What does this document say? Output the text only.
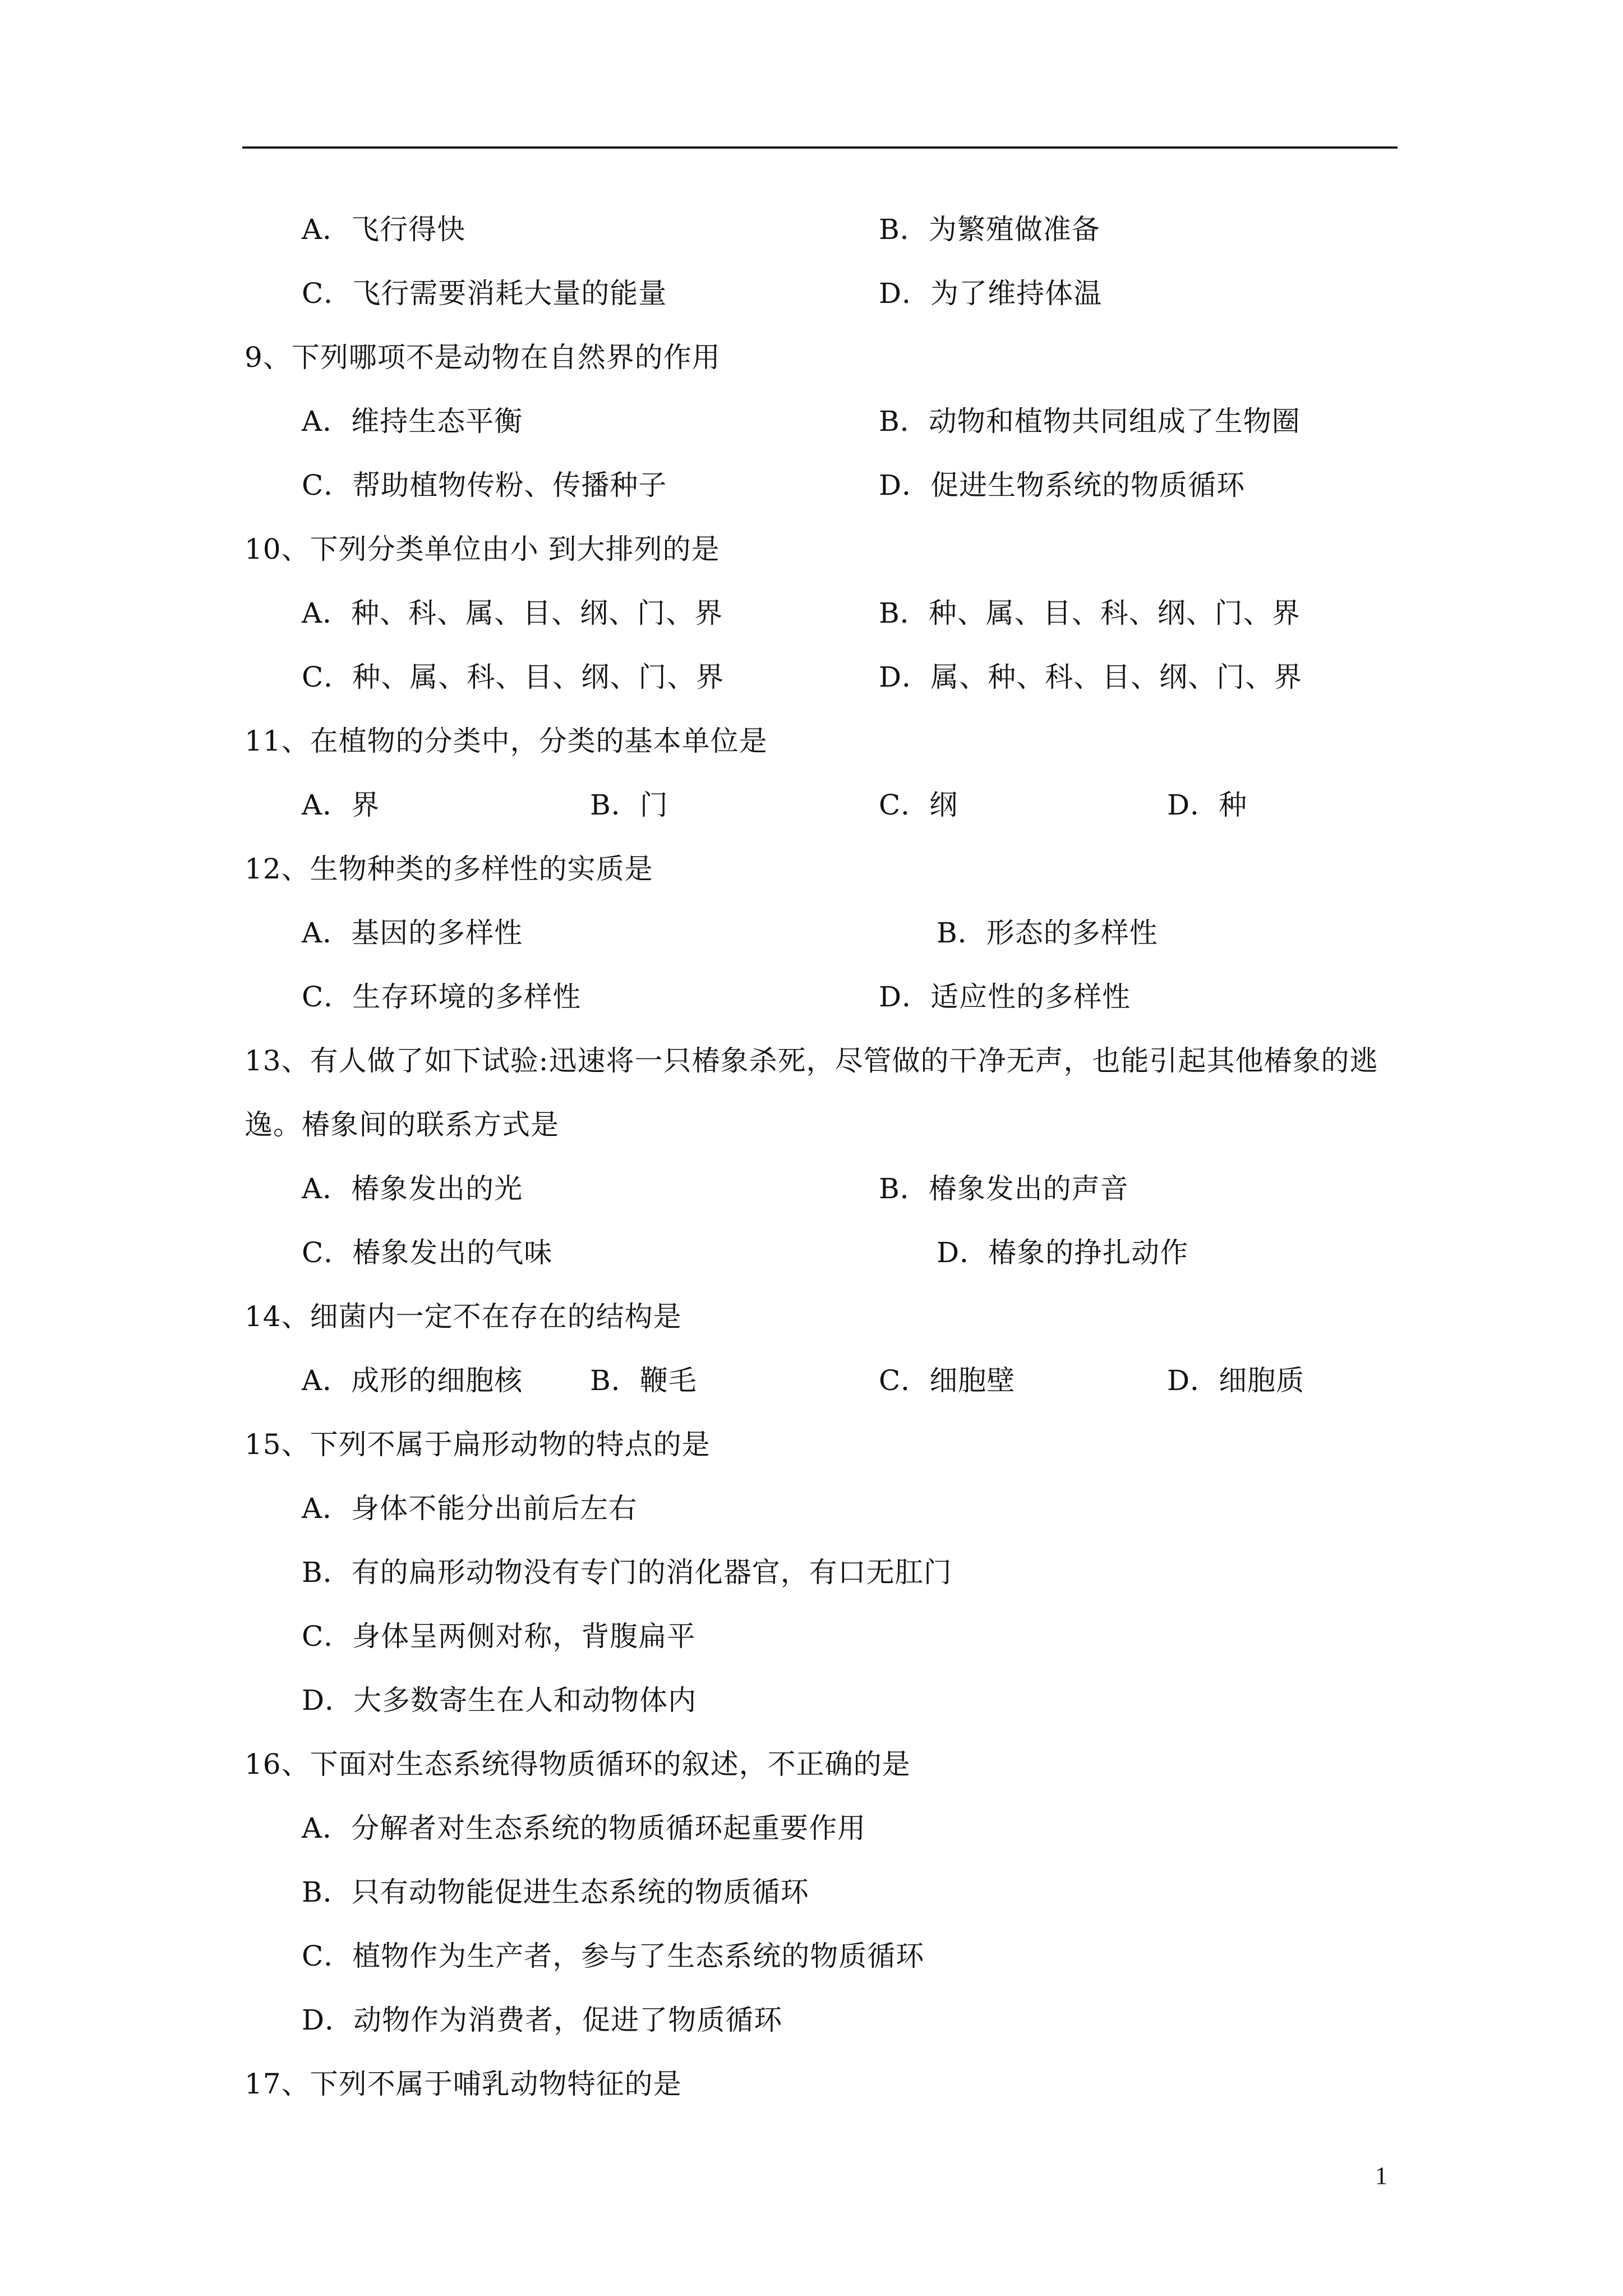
A．飞行得快	B．为繁殖做准备
C．飞行需要消耗大量的能量	D．为了维持体温
9、下列哪项不是动物在自然界的作用
A．维持生态平衡	B．动物和植物共同组成了生物圈
C．帮助植物传粉、传播种子	D．促进生物系统的物质循环
10、下列分类单位由小 到大排列的是
A．种、科、属、目、纲、门、界	B．种、属、目、科、纲、门、界
C．种、属、科、目、纲、门、界	D．属、种、科、目、纲、门、界
11、在植物的分类中，分类的基本单位是
A．界	B．门	C．纲	D．种
12、生物种类的多样性的实质是
A．基因的多样性	B．形态的多样性
C．生存环境的多样性	D．适应性的多样性
13、有人做了如下试验:迅速将一只椿象杀死，尽管做的干净无声，也能引起其他椿象的逃
逸。椿象间的联系方式是
A．椿象发出的光	B．椿象发出的声音
C．椿象发出的气味	D．椿象的挣扎动作
14、细菌内一定不在存在的结构是
A．成形的细胞核 B．鞭毛	C．细胞壁	D．细胞质
15、下列不属于扁形动物的特点的是
A．身体不能分出前后左右
B．有的扁形动物没有专门的消化器官，有口无肛门
C．身体呈两侧对称，背腹扁平
D．大多数寄生在人和动物体内
16、下面对生态系统得物质循环的叙述，不正确的是
A．分解者对生态系统的物质循环起重要作用
B．只有动物能促进生态系统的物质循环
C．植物作为生产者，参与了生态系统的物质循环
D．动物作为消费者，促进了物质循环
17、下列不属于哺乳动物特征的是
1
